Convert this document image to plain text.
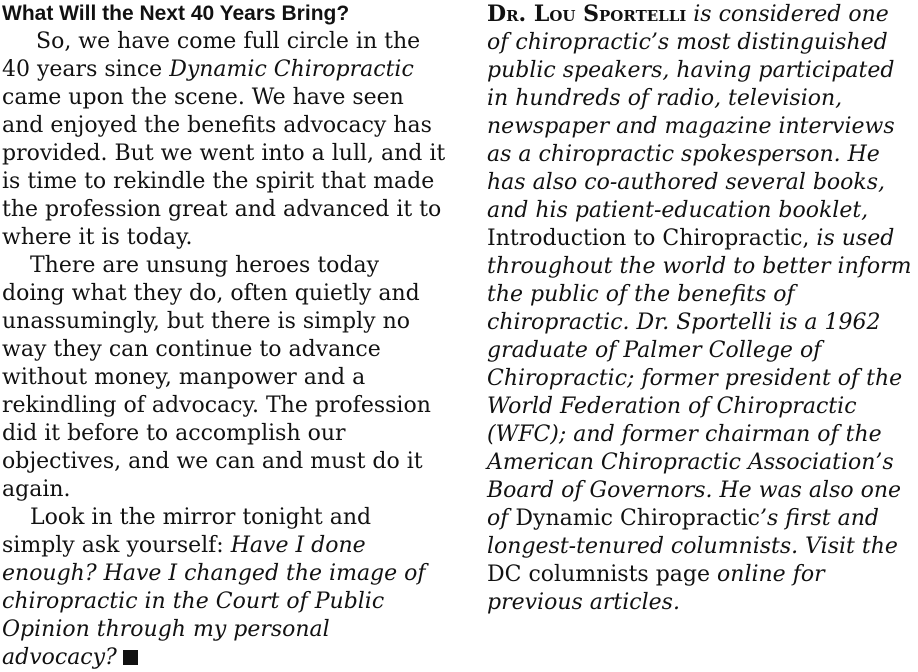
What Will the Next 40 Years Bring?

So, we have come full circle in the 40 years since Dynamic Chiropractic came upon the scene. We have seen and enjoyed the benefits advocacy has provided. But we went into a lull, and it is time to rekindle the spirit that made the profession great and advanced it to where it is today.

There are unsung heroes today doing what they do, often quietly and unassumingly, but there is simply no way they can continue to advance without money, manpower and a rekindling of advocacy. The profession did it before to accomplish our objectives, and we can and must do it again.

Look in the mirror tonight and simply ask yourself: Have I done enough? Have I changed the image of chiropractic in the Court of Public Opinion through my personal advocacy?

Dr. Lou Sportelli is considered one of chiropractic’s most distinguished public speakers, having participated in hundreds of radio, television, newspaper and magazine interviews as a chiropractic spokesperson. He has also co-authored several books, and his patient-education booklet, Introduction to Chiropractic, is used throughout the world to better inform the public of the benefits of chiropractic. Dr. Sportelli is a 1962 graduate of Palmer College of Chiropractic; former president of the World Federation of Chiropractic (WFC); and former chairman of the American Chiropractic Association’s Board of Governors. He was also one of Dynamic Chiropractic’s first and longest-tenured columnists. Visit the DC columnists page online for previous articles.
